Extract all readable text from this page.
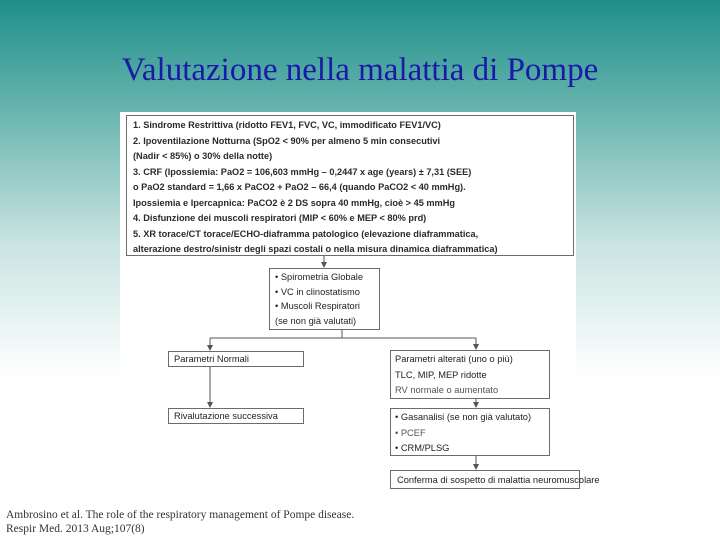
Valutazione nella malattia di Pompe
1. Sindrome Restrittiva (ridotto FEV1, FVC, VC, immodificato FEV1/VC)
2. Ipoventilazione Notturna (SpO2 < 90% per almeno 5 min consecutivi
(Nadir < 85%) o 30% della notte)
3. CRF (Ipossiemia: PaO2 = 106,603 mmHg – 0,2447 x age (years) ± 7,31 (SEE)
o PaO2 standard = 1,66 x PaCO2 + PaO2 – 66,4 (quando PaCO2 < 40 mmHg).
Ipossiemia e Ipercapnica: PaCO2 è 2 DS sopra 40 mmHg, cioè > 45 mmHg
4. Disfunzione dei muscoli respiratori (MIP < 60% e MEP < 80% prd)
5. XR torace/CT torace/ECHO-diaframma patologico (elevazione diaframmatica,
alterazione destro/sinistr degli spazi costali o nella misura dinamica diaframmatica)
• Spirometria Globale
• VC in clinostatismo
• Muscoli Respiratori
(se non già valutati)
Parametri Normali	Parametri alterati (uno o più)
TLC, MIP, MEP ridotte
RV normale o aumentato
Rivalutazione successiva	• Gasanalisi (se non già valutato)
• PCEF
• CRM/PLSG
Conferma di sospetto di malattia neuromuscolare
Ambrosino et al. The role of the respiratory management of Pompe disease.
Respir Med. 2013 Aug;107(8)
